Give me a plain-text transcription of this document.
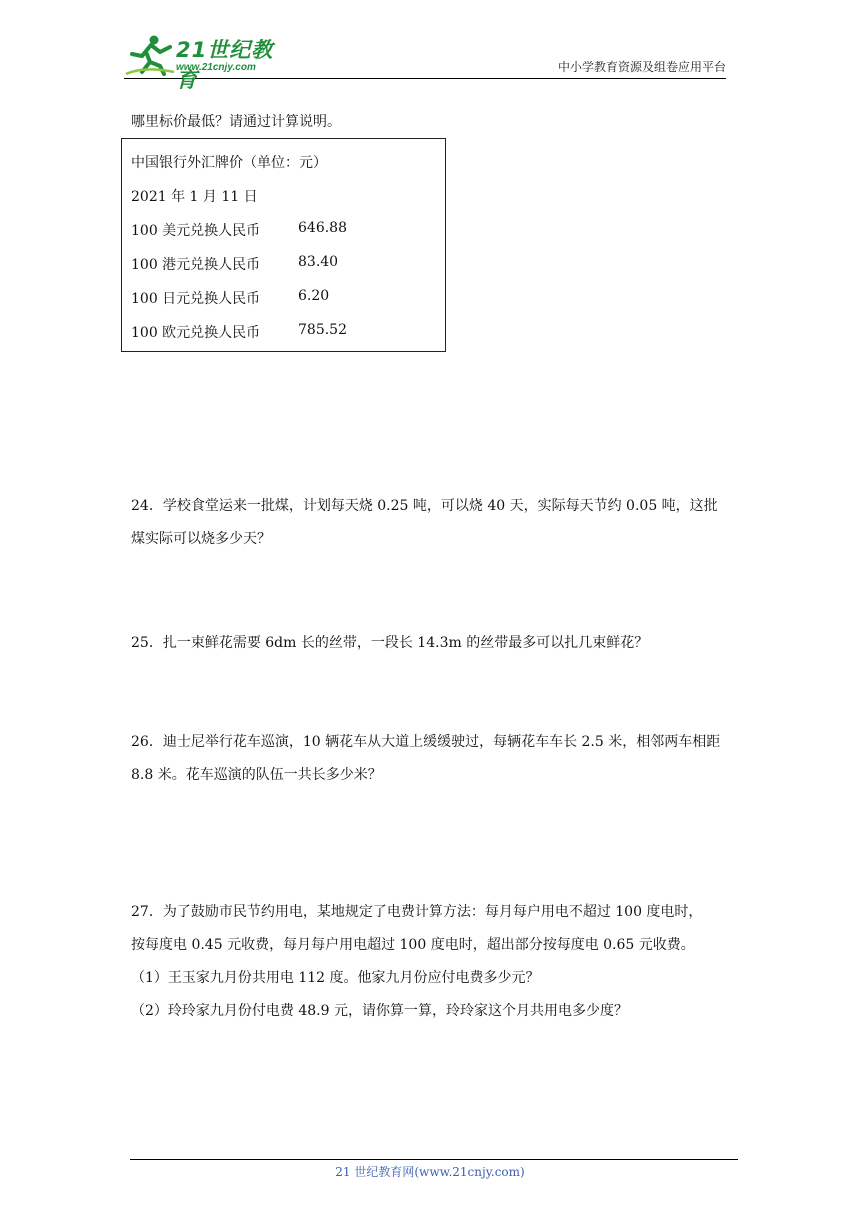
21世纪教育
www.21cnjy.com	中小学教育资源及组卷应用平台
哪里标价最低？请通过计算说明。
中国银行外汇牌价（单位：元）
2021 年 1 月 11 日
100 美元兑换人民币	646.88
100 港元兑换人民币	83.40
100 日元兑换人民币	6.20
100 欧元兑换人民币	785.52
24．学校食堂运来一批煤，计划每天烧 0.25 吨，可以烧 40 天，实际每天节约 0.05 吨，这批
煤实际可以烧多少天？
25．扎一束鲜花需要 6dm 长的丝带，一段长 14.3m 的丝带最多可以扎几束鲜花？
26．迪士尼举行花车巡演，10 辆花车从大道上缓缓驶过，每辆花车车长 2.5 米，相邻两车相距
8.8 米。花车巡演的队伍一共长多少米？
27．为了鼓励市民节约用电，某地规定了电费计算方法：每月每户用电不超过 100 度电时，
按每度电 0.45 元收费，每月每户用电超过 100 度电时，超出部分按每度电 0.65 元收费。
（1）王玉家九月份共用电 112 度。他家九月份应付电费多少元？
（2）玲玲家九月份付电费 48.9 元，请你算一算，玲玲家这个月共用电多少度？
21 世纪教育网(www.21cnjy.com)
